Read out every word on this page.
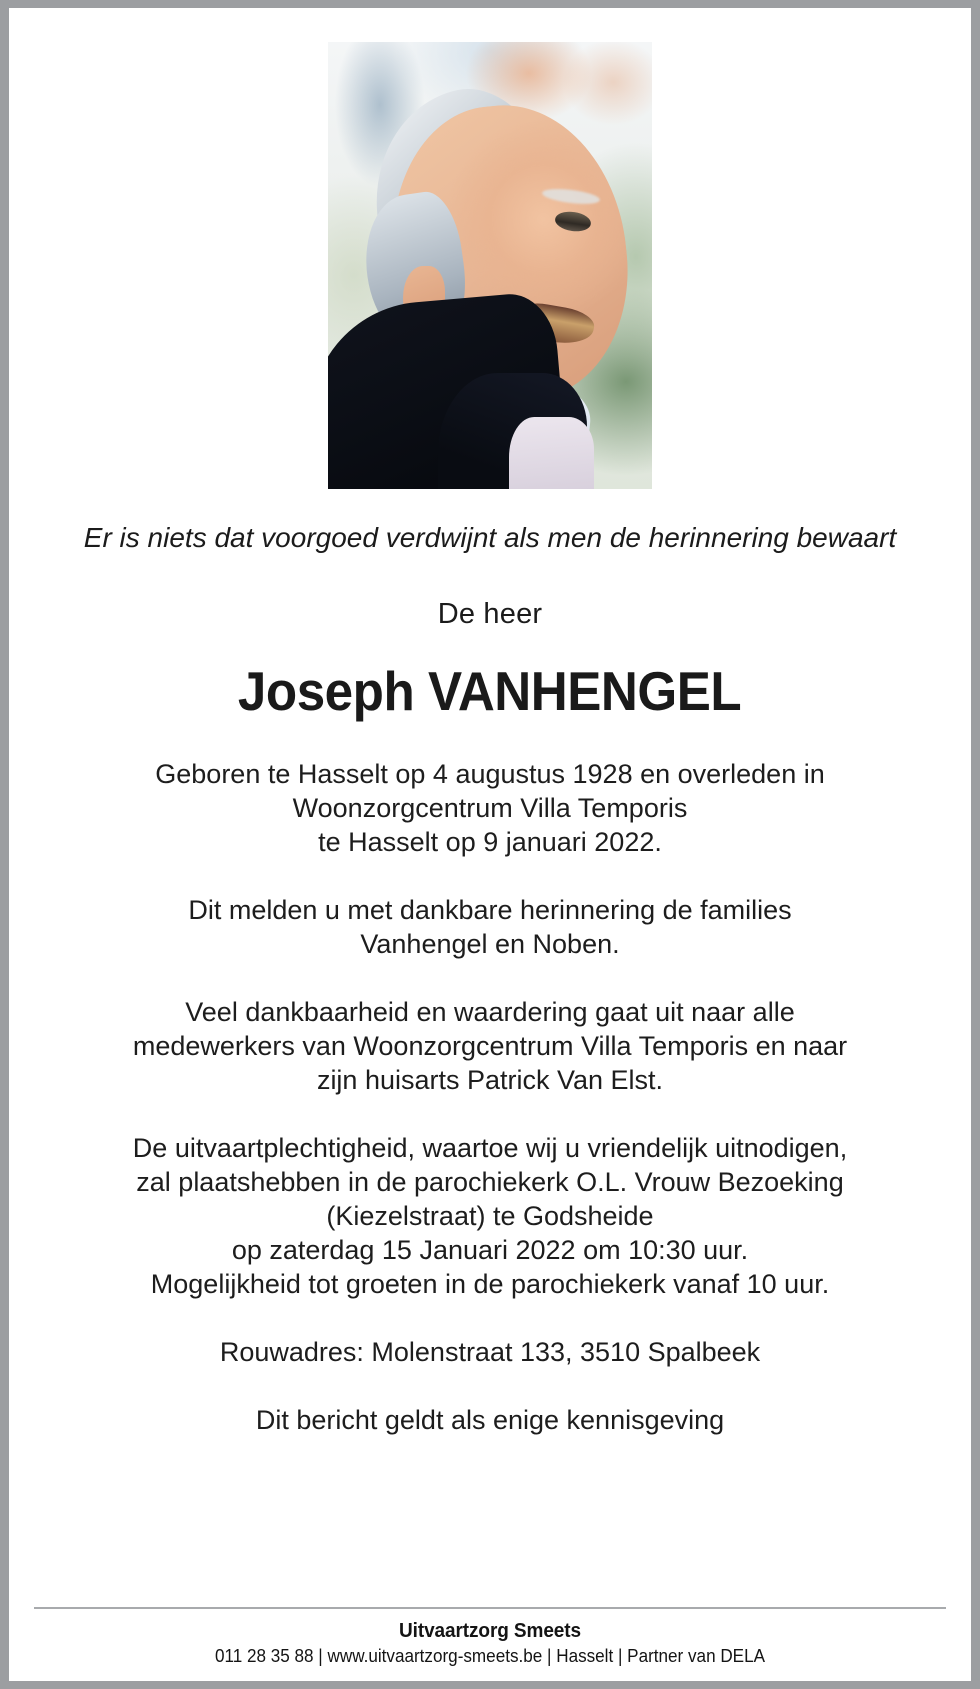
Er is niets dat voorgoed verdwijnt als men de herinnering bewaart
De heer
Joseph VANHENGEL
Geboren te Hasselt op 4 augustus 1928 en overleden in
Woonzorgcentrum Villa Temporis
te Hasselt op 9 januari 2022.
Dit melden u met dankbare herinnering de families
Vanhengel en Noben.
Veel dankbaarheid en waardering gaat uit naar alle
medewerkers van Woonzorgcentrum Villa Temporis en naar
zijn huisarts Patrick Van Elst.
De uitvaartplechtigheid, waartoe wij u vriendelijk uitnodigen,
zal plaatshebben in de parochiekerk O.L. Vrouw Bezoeking
(Kiezelstraat) te Godsheide
op zaterdag 15 Januari 2022 om 10:30 uur.
Mogelijkheid tot groeten in de parochiekerk vanaf 10 uur.
Rouwadres: Molenstraat 133, 3510 Spalbeek
Dit bericht geldt als enige kennisgeving
Uitvaartzorg Smeets
011 28 35 88 | www.uitvaartzorg-smeets.be | Hasselt | Partner van DELA
